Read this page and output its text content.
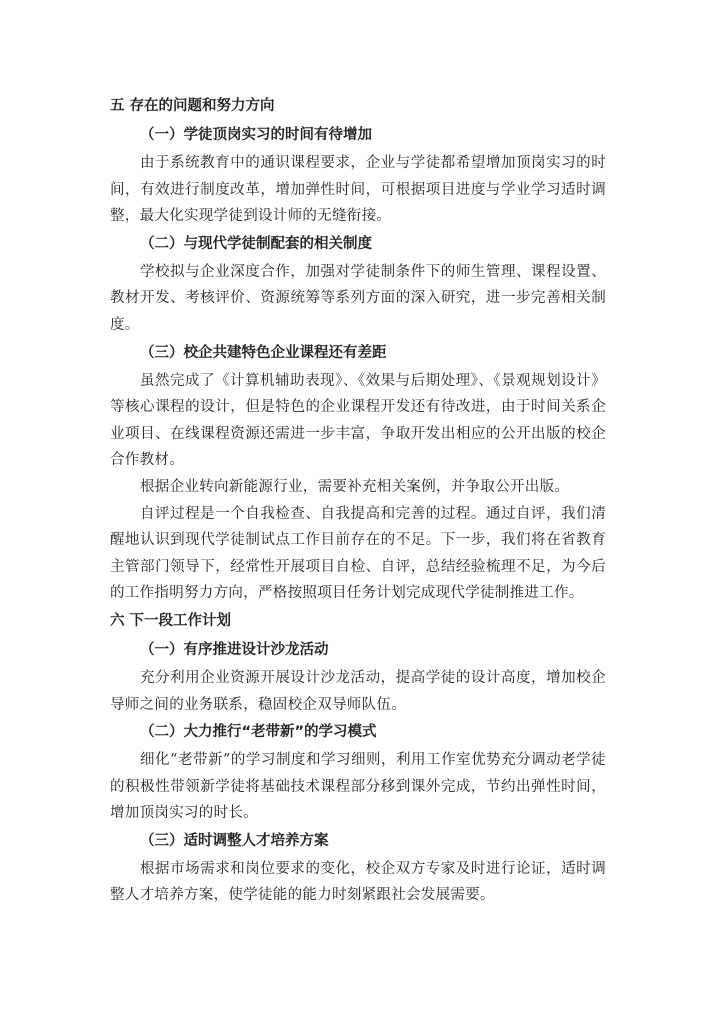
五 存在的问题和努力方向
（一）学徒顶岗实习的时间有待增加

由于系统教育中的通识课程要求，企业与学徒都希望增加顶岗实习的时间，有效进行制度改革，增加弹性时间，可根据项目进度与学业学习适时调整，最大化实现学徒到设计师的无缝衔接。

（二）与现代学徒制配套的相关制度

学校拟与企业深度合作，加强对学徒制条件下的师生管理、课程设置、教材开发、考核评价、资源统筹等系列方面的深入研究，进一步完善相关制度。

（三）校企共建特色企业课程还有差距

虽然完成了《计算机辅助表现》、《效果与后期处理》、《景观规划设计》等核心课程的设计，但是特色的企业课程开发还有待改进，由于时间关系企业项目、在线课程资源还需进一步丰富，争取开发出相应的公开出版的校企合作教材。

根据企业转向新能源行业，需要补充相关案例，并争取公开出版。

自评过程是一个自我检查、自我提高和完善的过程。通过自评，我们清醒地认识到现代学徒制试点工作目前存在的不足。下一步，我们将在省教育主管部门领导下，经常性开展项目自检、自评，总结经验梳理不足，为今后的工作指明努力方向，严格按照项目任务计划完成现代学徒制推进工作。

六 下一段工作计划
（一）有序推进设计沙龙活动

充分利用企业资源开展设计沙龙活动，提高学徒的设计高度，增加校企导师之间的业务联系，稳固校企双导师队伍。

（二）大力推行“老带新”的学习模式

细化“老带新”的学习制度和学习细则，利用工作室优势充分调动老学徒的积极性带领新学徒将基础技术课程部分移到课外完成，节约出弹性时间，增加顶岗实习的时长。

（三）适时调整人才培养方案

根据市场需求和岗位要求的变化，校企双方专家及时进行论证，适时调整人才培养方案，使学徒能的能力时刻紧跟社会发展需要。
